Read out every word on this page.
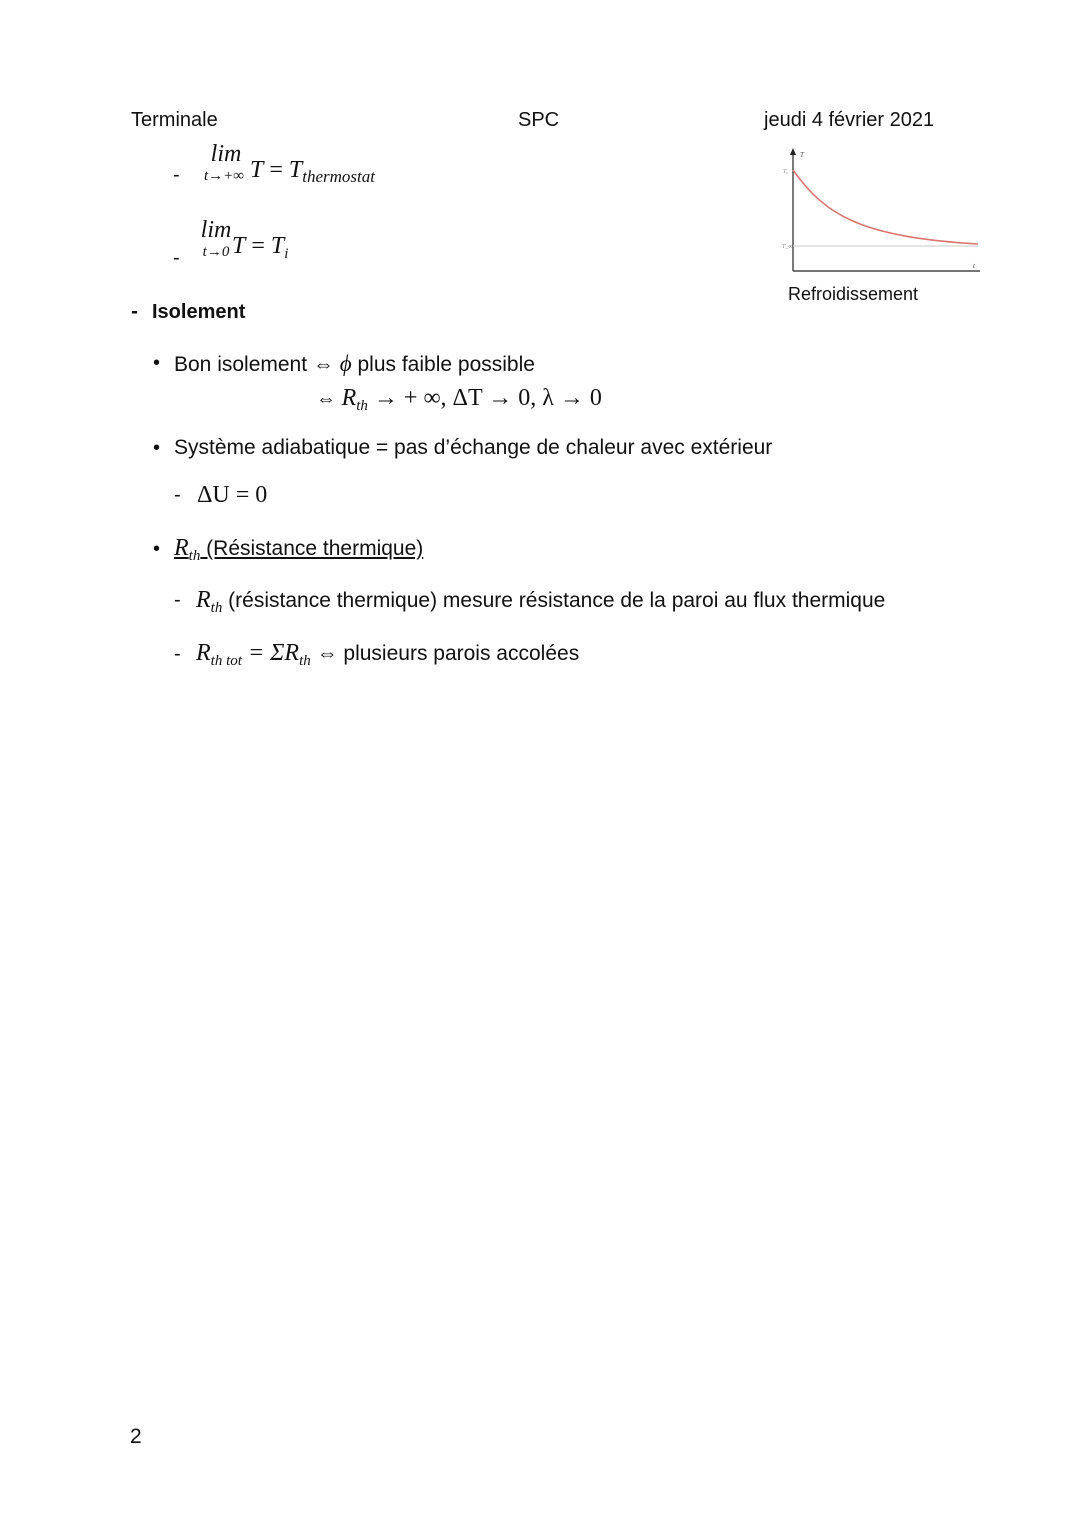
Terminale	SPC	jeudi 4 février 2021
-
lim
t→+∞ $T = T_{thermostat}$
-
lim
t→0 $T = T_i$
T
T₀
T_∞
t
Refroidissement
- Isolement
• Bon isolement ⇔ ϕ plus faible possible
⇔ $R_{th}$ → + ∞, ΔT → 0, λ → 0
• Système adiabatique = pas d’échange de chaleur avec extérieur
- ΔU = 0
• $R_{th}$ (Résistance thermique)
- $R_{th}$ (résistance thermique) mesure résistance de la paroi au flux thermique
- $R_{th tot} = \Sigma R_{th}$ ⇔ plusieurs parois accolées
2
